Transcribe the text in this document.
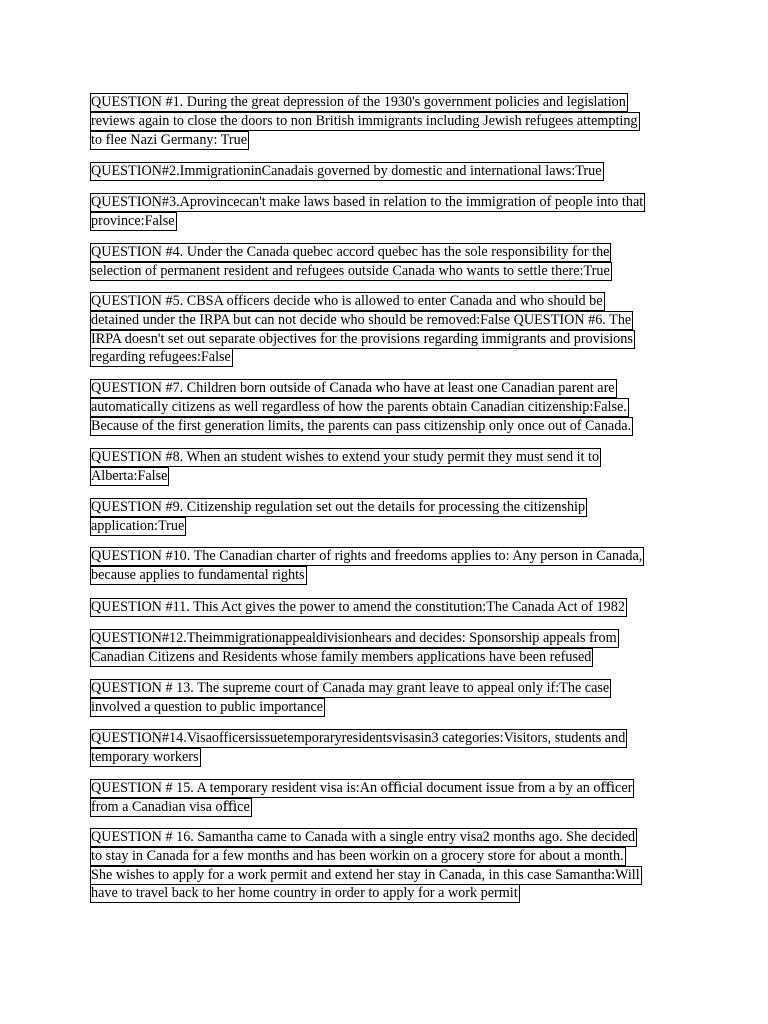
QUESTION #1. During the great depression of the 1930's government policies and legislation
reviews again to close the doors to non British immigrants including Jewish refugees attempting
to flee Nazi Germany: True
QUESTION#2.ImmigrationinCanadais governed by domestic and international laws:True
QUESTION#3.Aprovincecan't make laws based in relation to the immigration of people into that
province:False
QUESTION #4. Under the Canada quebec accord quebec has the sole responsibility for the
selection of permanent resident and refugees outside Canada who wants to settle there:True
QUESTION #5. CBSA officers decide who is allowed to enter Canada and who should be
detained under the IRPA but can not decide who should be removed:False QUESTION #6. The
IRPA doesn't set out separate objectives for the provisions regarding immigrants and provisions
regarding refugees:False
QUESTION #7. Children born outside of Canada who have at least one Canadian parent are
automatically citizens as well regardless of how the parents obtain Canadian citizenship:False.
Because of the first generation limits, the parents can pass citizenship only once out of Canada.
QUESTION #8. When an student wishes to extend your study permit they must send it to
Alberta:False
QUESTION #9. Citizenship regulation set out the details for processing the citizenship
application:True
QUESTION #10. The Canadian charter of rights and freedoms applies to: Any person in Canada,
because applies to fundamental rights
QUESTION #11. This Act gives the power to amend the constitution:The Canada Act of 1982
QUESTION#12.Theimmigrationappealdivisionhears and decides: Sponsorship appeals from
Canadian Citizens and Residents whose family members applications have been refused
QUESTION # 13. The supreme court of Canada may grant leave to appeal only if:The case
involved a question to public importance
QUESTION#14.Visaofficersissuetemporaryresidentsvisasin3 categories:Visitors, students and
temporary workers
QUESTION # 15. A temporary resident visa is:An oﬃcial document issue from a by an oﬃcer
from a Canadian visa oﬃce
QUESTION # 16. Samantha came to Canada with a single entry visa2 months ago. She decided
to stay in Canada for a few months and has been workin on a grocery store for about a month.
She wishes to apply for a work permit and extend her stay in Canada, in this case Samantha:Will
have to travel back to her home country in order to apply for a work permit
